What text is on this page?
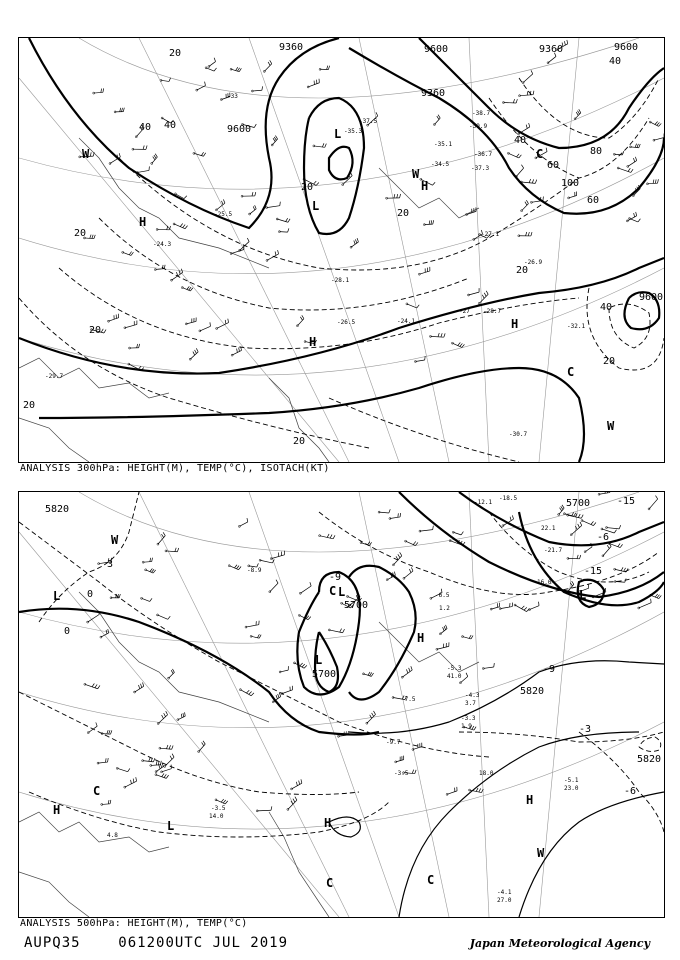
9360
9360
9360
9600
9600
9600	9600
20
20
20
20
20
20
20
20
20
40 40
40
40
40
60
60
80
100
H
H
H
H
L
L
W
W
W
C
C
-35.3
-37.5
-39.9
-38.7
-36.7
-37.3
-34.5
-35.1
-26.9
-28.7
-27.1
-27
-24.1
-26.5
-25.5
-24.3
-28.1
-32.1
-30.7
-29.7
-33
ANALYSIS 300hPa: HEIGHT(M), TEMP(°C), ISOTACH(KT)
5820
5820
5820
5700
5700
5700
H
H
H
H
L	L
L
L
L
C
C
C	C
W
W
-3
-6
-6
-9
-9
-15
-15
0
0
3
-4.1
27.0
-5.1
23.0
-3.5	18.0
-3.3
1.9
-4.3
3.7
-7.5
-9.7
1.2
-6.5
-12.1
-18.5
22.1
16.0
-21.7
-5.3
41.0
-8.9
4.8
-3.5
14.0
ANALYSIS 500hPa: HEIGHT(M), TEMP(°C)
AUPQ35	061200UTC JUL 2019	Japan Meteorological Agency
